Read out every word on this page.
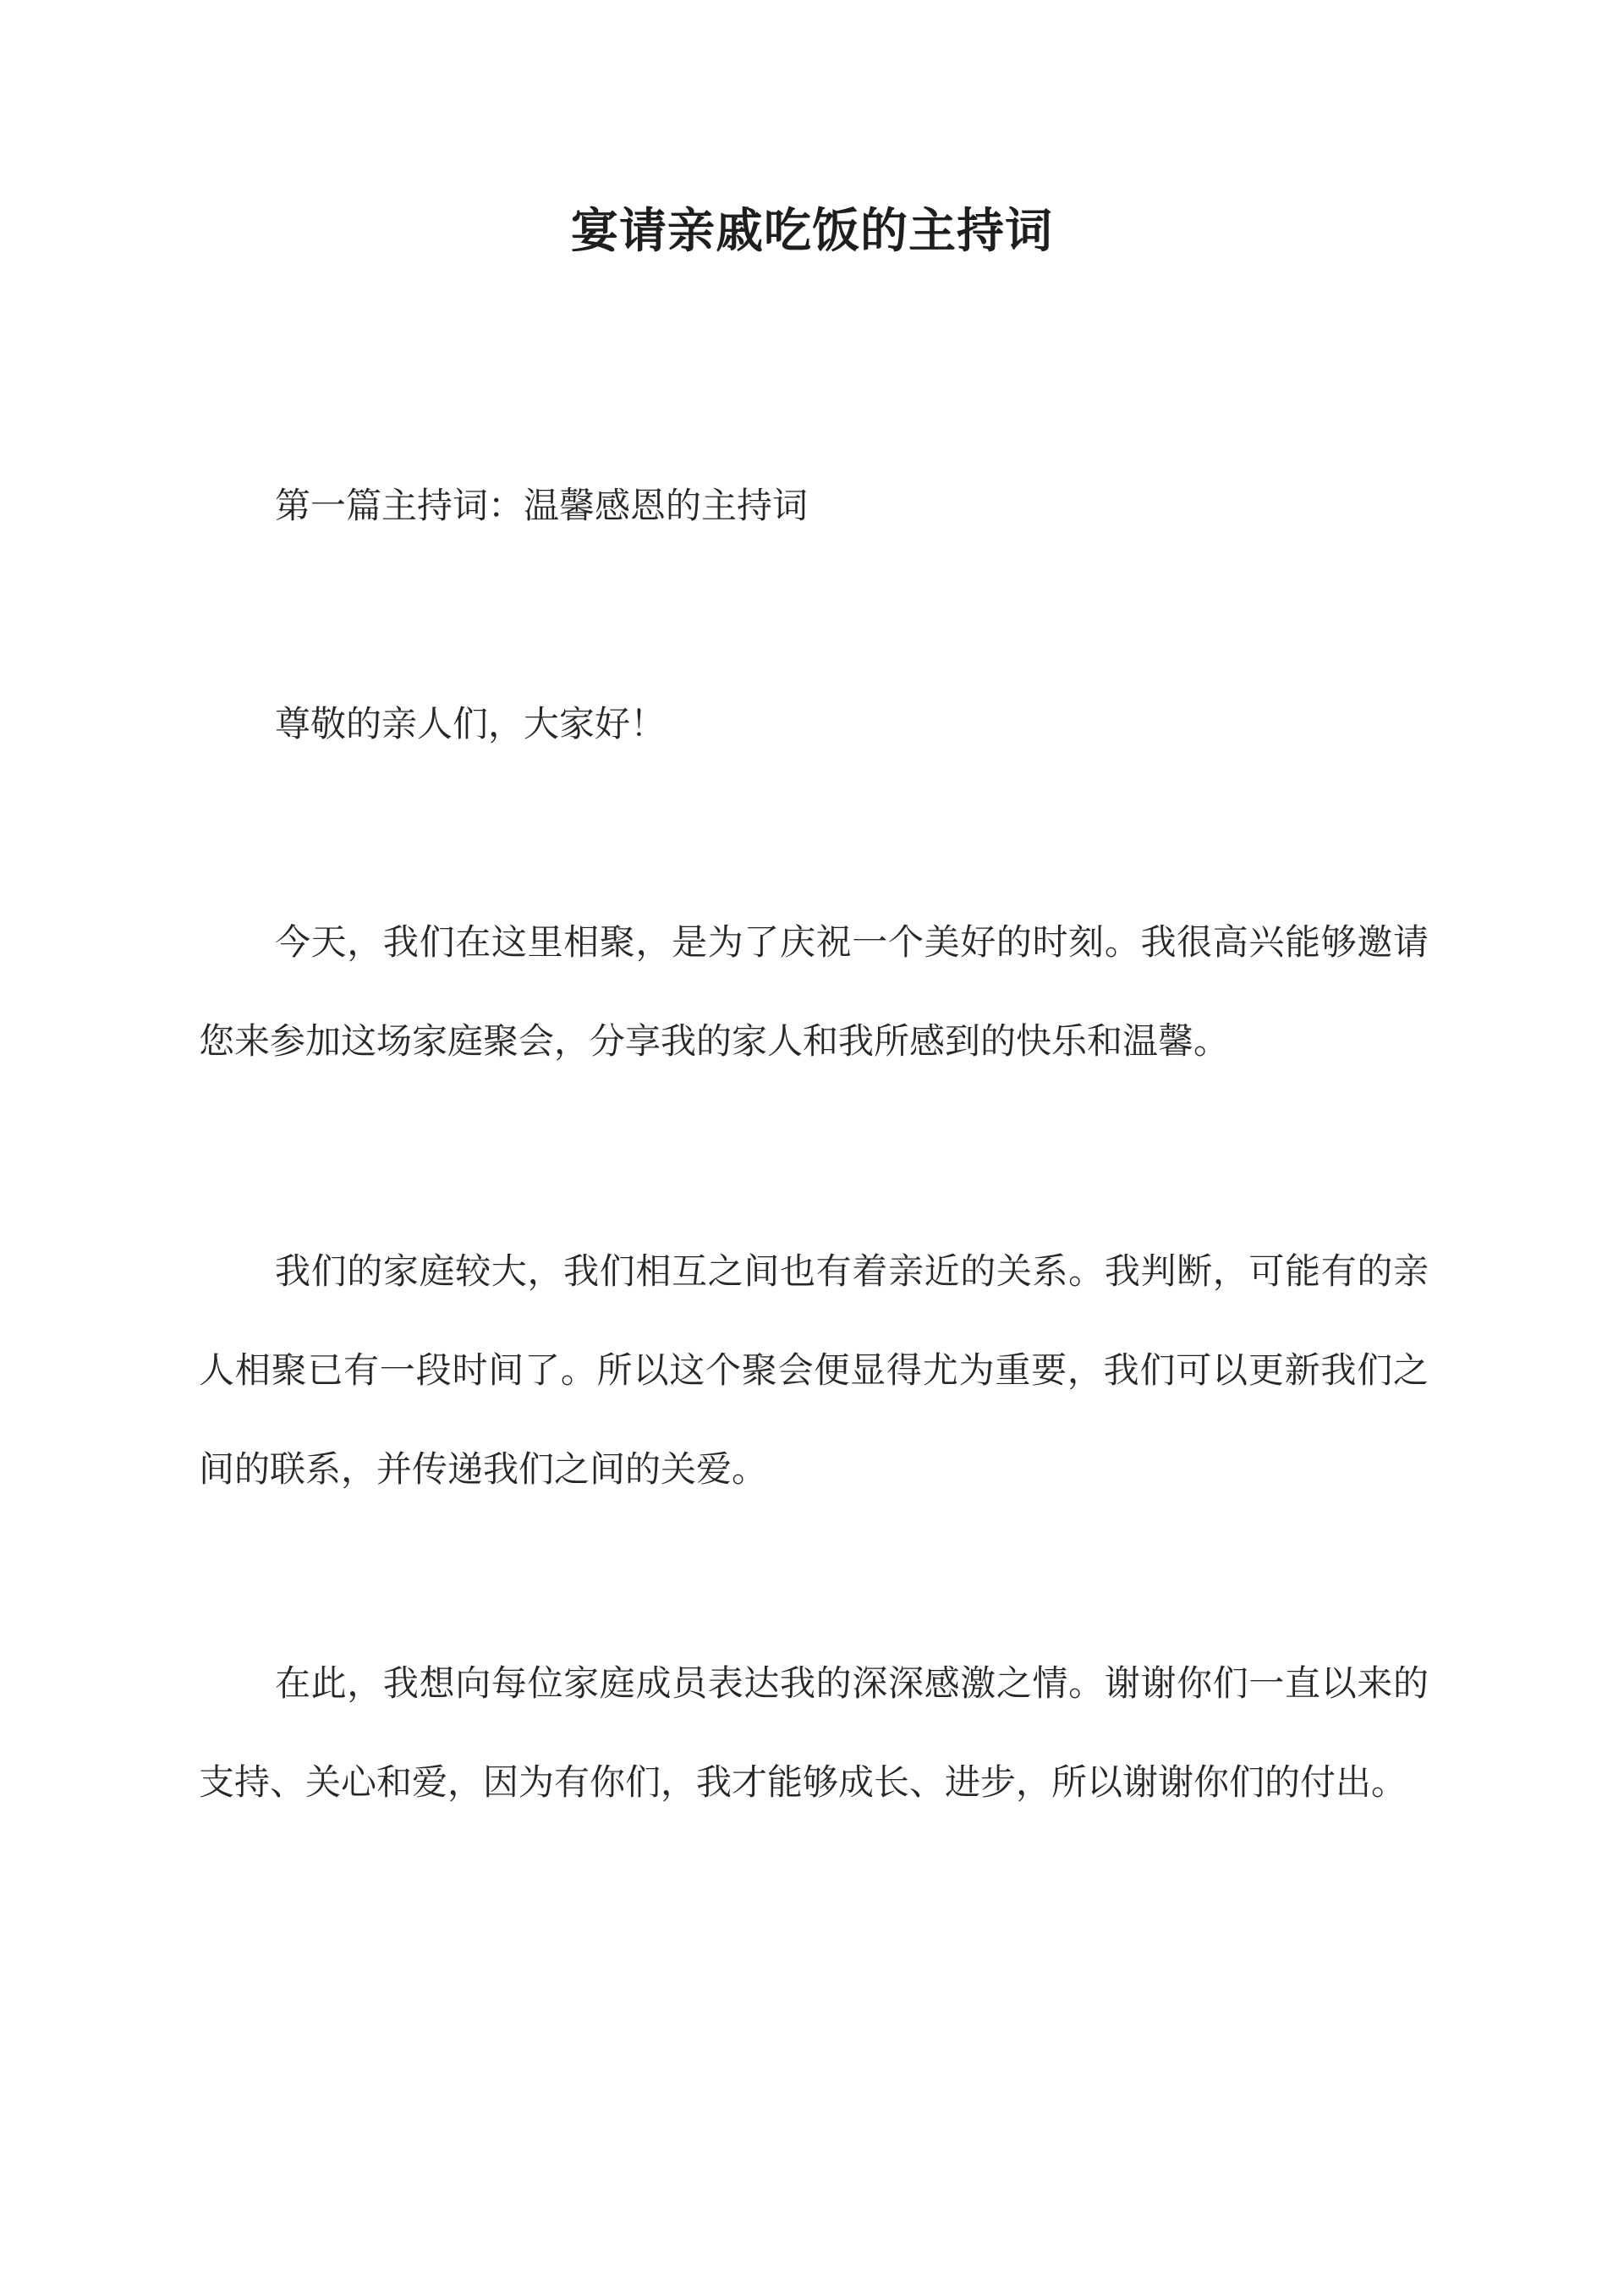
宴请亲戚吃饭的主持词

第一篇主持词：温馨感恩的主持词

尊敬的亲人们，大家好！

今天，我们在这里相聚，是为了庆祝一个美好的时刻。我很高兴能够邀请您来参加这场家庭聚会，分享我的家人和我所感到的快乐和温馨。

我们的家庭较大，我们相互之间也有着亲近的关系。我判断，可能有的亲人相聚已有一段时间了。所以这个聚会便显得尤为重要，我们可以更新我们之间的联系，并传递我们之间的关爱。

在此，我想向每位家庭成员表达我的深深感激之情。谢谢你们一直以来的支持、关心和爱，因为有你们，我才能够成长、进步，所以谢谢你们的付出。
